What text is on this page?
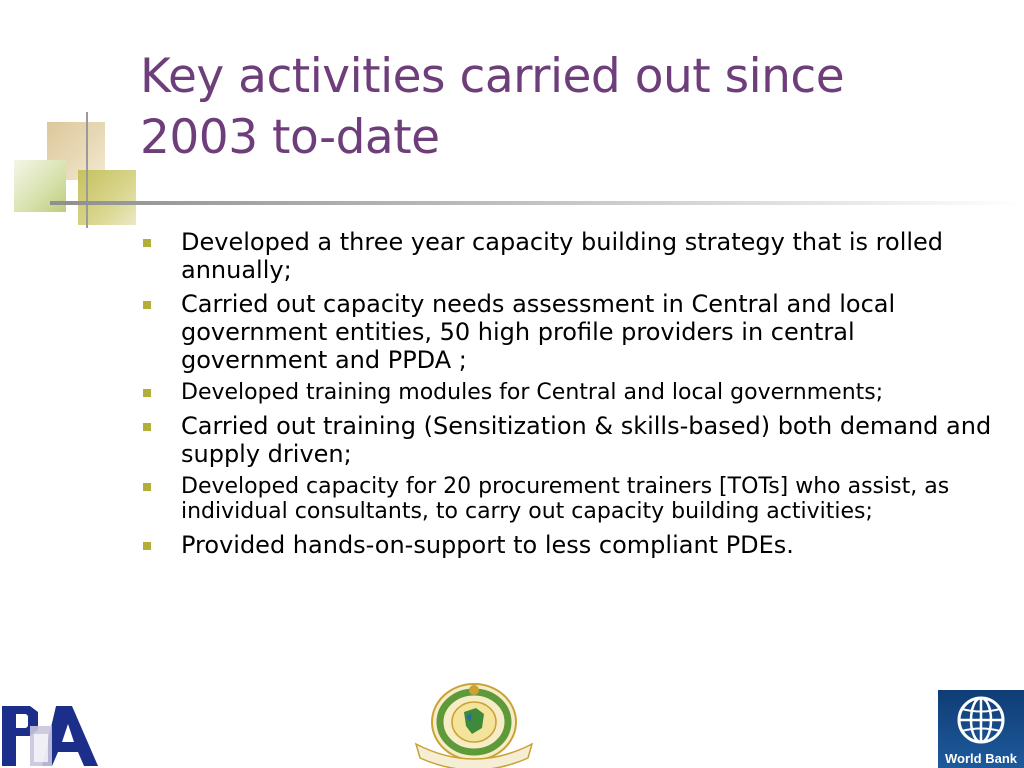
Key activities carried out since
2003 to-date
Developed a three year capacity building strategy that is rolled annually;
Carried out capacity needs assessment in Central and local government entities, 50 high profile providers in central government and PPDA ;
Developed training modules for Central and local governments;
Carried out training (Sensitization & skills-based) both demand and supply driven;
Developed capacity for 20 procurement trainers [TOTs] who assist, as individual consultants, to carry out capacity building activities;
Provided hands-on-support to less compliant PDEs.
World Bank
